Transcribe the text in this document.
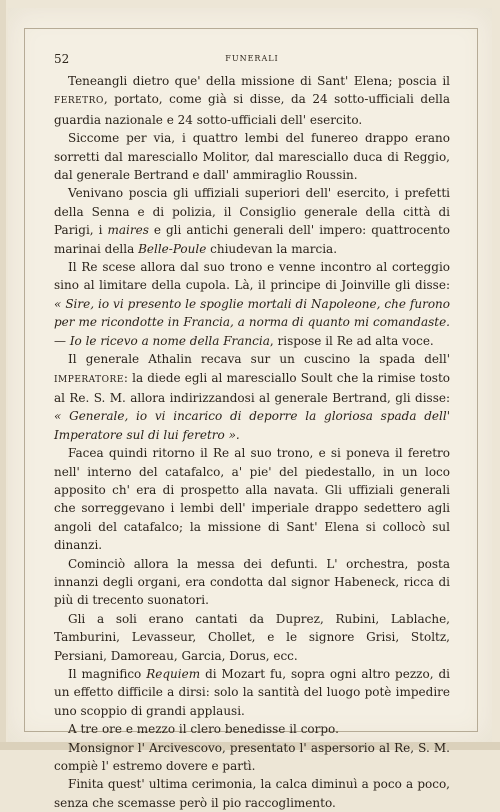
52	FUNERALI

Teneangli dietro que' della missione di Sant' Elena; poscia il FERETRO, portato, come già si disse, da 24 sotto-ufficiali della guardia nazionale e 24 sotto-ufficiali dell' esercito.

Siccome per via, i quattro lembi del funereo drappo erano sorretti dal maresciallo Molitor, dal maresciallo duca di Reggio, dal generale Bertrand e dall' ammiraglio Roussin.

Venivano poscia gli uffiziali superiori dell' esercito, i prefetti della Senna e di polizia, il Consiglio generale della città di Parigi, i maires e gli antichi generali dell' impero: quattrocento marinai della Belle-Poule chiudevan la marcia.

Il Re scese allora dal suo trono e venne incontro al corteggio sino al limitare della cupola. Là, il principe di Joinville gli disse: « Sire, io vi presento le spoglie mortali di Napoleone, che furono per me ricondotte in Francia, a norma di quanto mi comandaste. — Io le ricevo a nome della Francia, rispose il Re ad alta voce.

Il generale Athalin recava sur un cuscino la spada dell' IMPERATORE: la diede egli al maresciallo Soult che la rimise tosto al Re. S. M. allora indirizzandosi al generale Bertrand, gli disse: « Generale, io vi incarico di deporre la gloriosa spada dell' Imperatore sul di lui feretro ».

Facea quindi ritorno il Re al suo trono, e si poneva il feretro nell' interno del catafalco, a' pie' del piedestallo, in un loco apposito ch' era di prospetto alla navata. Gli uffiziali generali che sorreggevano i lembi dell' imperiale drappo sedettero agli angoli del catafalco; la missione di Sant' Elena si collocò sul dinanzi.

Cominciò allora la messa dei defunti. L' orchestra, posta innanzi degli organi, era condotta dal signor Habeneck, ricca di più di trecento suonatori.

Gli a soli erano cantati da Duprez, Rubini, Lablache, Tamburini, Levasseur, Chollet, e le signore Grisi, Stoltz, Persiani, Damoreau, Garcia, Dorus, ecc.

Il magnifico Requiem di Mozart fu, sopra ogni altro pezzo, di un effetto difficile a dirsi: solo la santità del luogo potè impedire uno scoppio di grandi applausi.

A tre ore e mezzo il clero benedisse il corpo.

Monsignor l' Arcivescovo, presentato l' aspersorio al Re, S. M. compiè l' estremo dovere e partì.

Finita quest' ultima cerimonia, la calca diminuì a poco a poco, senza che scemasse però il pio raccoglimento.
